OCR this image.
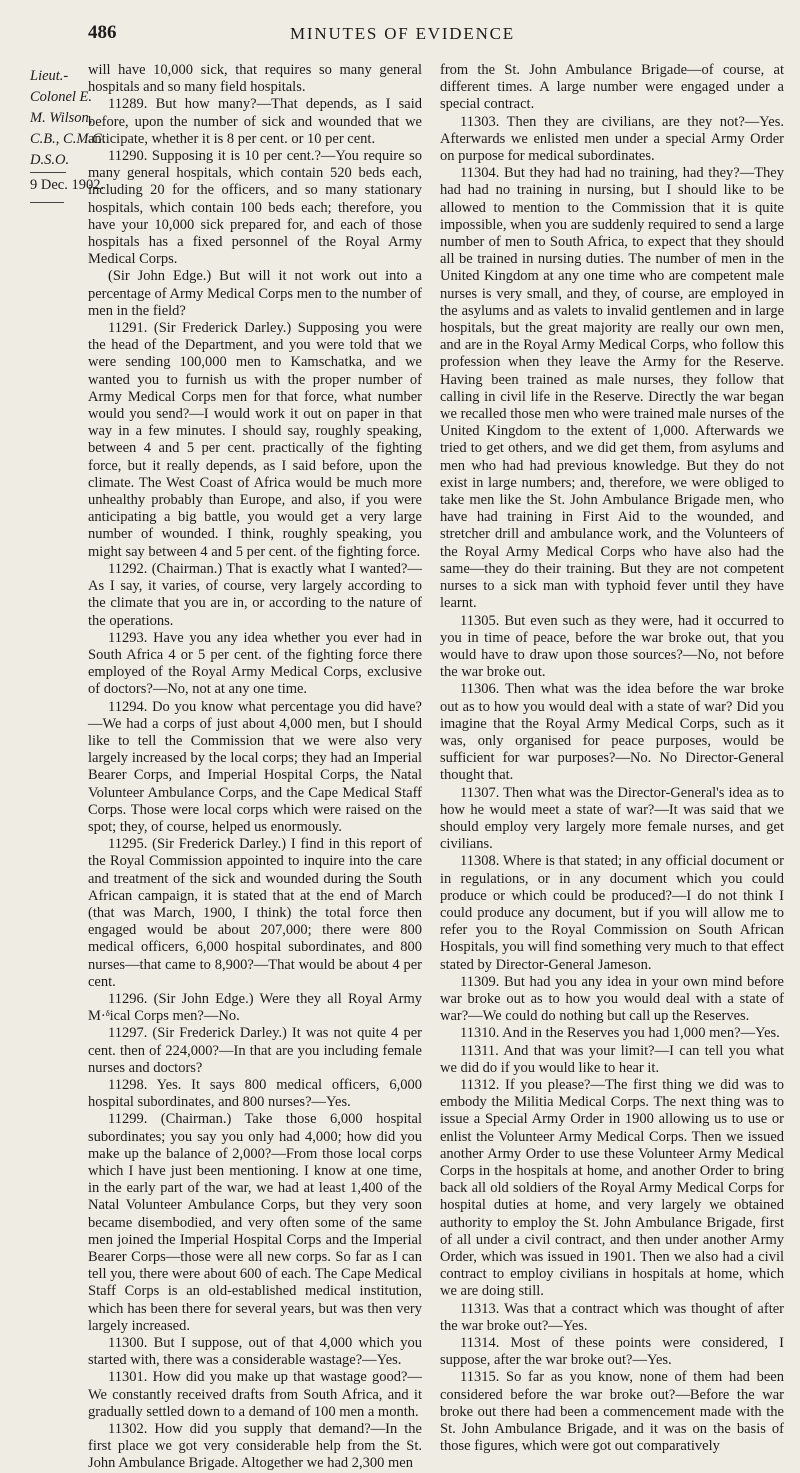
486	MINUTES OF EVIDENCE
Lieut.-
Colonel E.
M. Wilson,
C.B., C.M.G.
D.S.O.
9 Dec. 1902.

will have 10,000 sick, that requires so many general hospitals and so many field hospitals.

11289. But how many?—That depends, as I said before, upon the number of sick and wounded that we anticipate, whether it is 8 per cent. or 10 per cent.

11290. Supposing it is 10 per cent.?—You require so many general hospitals, which contain 520 beds each, including 20 for the officers, and so many stationary hospitals, which contain 100 beds each; therefore, you have your 10,000 sick prepared for, and each of those hospitals has a fixed personnel of the Royal Army Medical Corps.

(Sir John Edge.) But will it not work out into a percentage of Army Medical Corps men to the number of men in the field?

11291. (Sir Frederick Darley.) Supposing you were the head of the Department, and you were told that we were sending 100,000 men to Kamschatka, and we wanted you to furnish us with the proper number of Army Medical Corps men for that force, what number would you send?—I would work it out on paper in that way in a few minutes. I should say, roughly speaking, between 4 and 5 per cent. practically of the fighting force, but it really depends, as I said before, upon the climate. The West Coast of Africa would be much more unhealthy probably than Europe, and also, if you were anticipating a big battle, you would get a very large number of wounded. I think, roughly speaking, you might say between 4 and 5 per cent. of the fighting force.

11292. (Chairman.) That is exactly what I wanted?—As I say, it varies, of course, very largely according to the climate that you are in, or according to the nature of the operations.

11293. Have you any idea whether you ever had in South Africa 4 or 5 per cent. of the fighting force there employed of the Royal Army Medical Corps, exclusive of doctors?—No, not at any one time.

11294. Do you know what percentage you did have?—We had a corps of just about 4,000 men, but I should like to tell the Commission that we were also very largely increased by the local corps; they had an Imperial Bearer Corps, and Imperial Hospital Corps, the Natal Volunteer Ambulance Corps, and the Cape Medical Staff Corps. Those were local corps which were raised on the spot; they, of course, helped us enormously.

11295. (Sir Frederick Darley.) I find in this report of the Royal Commission appointed to inquire into the care and treatment of the sick and wounded during the South African campaign, it is stated that at the end of March (that was March, 1900, I think) the total force then engaged would be about 207,000; there were 800 medical officers, 6,000 hospital subordinates, and 800 nurses—that came to 8,900?—That would be about 4 per cent.

11296. (Sir John Edge.) Were they all Royal Army M·ᵟical Corps men?—No.

11297. (Sir Frederick Darley.) It was not quite 4 per cent. then of 224,000?—In that are you including female nurses and doctors?

11298. Yes. It says 800 medical officers, 6,000 hospital subordinates, and 800 nurses?—Yes.

11299. (Chairman.) Take those 6,000 hospital subordinates; you say you only had 4,000; how did you make up the balance of 2,000?—From those local corps which I have just been mentioning. I know at one time, in the early part of the war, we had at least 1,400 of the Natal Volunteer Ambulance Corps, but they very soon became disembodied, and very often some of the same men joined the Imperial Hospital Corps and the Imperial Bearer Corps—those were all new corps. So far as I can tell you, there were about 600 of each. The Cape Medical Staff Corps is an old-established medical institution, which has been there for several years, but was then very largely increased.

11300. But I suppose, out of that 4,000 which you started with, there was a considerable wastage?—Yes.

11301. How did you make up that wastage good?—We constantly received drafts from South Africa, and it gradually settled down to a demand of 100 men a month.

11302. How did you supply that demand?—In the first place we got very considerable help from the St. John Ambulance Brigade. Altogether we had 2,300 men

from the St. John Ambulance Brigade—of course, at different times. A large number were engaged under a special contract.

11303. Then they are civilians, are they not?—Yes. Afterwards we enlisted men under a special Army Order on purpose for medical subordinates.

11304. But they had had no training, had they?—They had had no training in nursing, but I should like to be allowed to mention to the Commission that it is quite impossible, when you are suddenly required to send a large number of men to South Africa, to expect that they should all be trained in nursing duties. The number of men in the United Kingdom at any one time who are competent male nurses is very small, and they, of course, are employed in the asylums and as valets to invalid gentlemen and in large hospitals, but the great majority are really our own men, and are in the Royal Army Medical Corps, who follow this profession when they leave the Army for the Reserve. Having been trained as male nurses, they follow that calling in civil life in the Reserve. Directly the war began we recalled those men who were trained male nurses of the United Kingdom to the extent of 1,000. Afterwards we tried to get others, and we did get them, from asylums and men who had had previous knowledge. But they do not exist in large numbers; and, therefore, we were obliged to take men like the St. John Ambulance Brigade men, who have had training in First Aid to the wounded, and stretcher drill and ambulance work, and the Volunteers of the Royal Army Medical Corps who have also had the same—they do their training. But they are not competent nurses to a sick man with typhoid fever until they have learnt.

11305. But even such as they were, had it occurred to you in time of peace, before the war broke out, that you would have to draw upon those sources?—No, not before the war broke out.

11306. Then what was the idea before the war broke out as to how you would deal with a state of war? Did you imagine that the Royal Army Medical Corps, such as it was, only organised for peace purposes, would be sufficient for war purposes?—No. No Director-General thought that.

11307. Then what was the Director-General's idea as to how he would meet a state of war?—It was said that we should employ very largely more female nurses, and get civilians.

11308. Where is that stated; in any official document or in regulations, or in any document which you could produce or which could be produced?—I do not think I could produce any document, but if you will allow me to refer you to the Royal Commission on South African Hospitals, you will find something very much to that effect stated by Director-General Jameson.

11309. But had you any idea in your own mind before war broke out as to how you would deal with a state of war?—We could do nothing but call up the Reserves.

11310. And in the Reserves you had 1,000 men?—Yes.

11311. And that was your limit?—I can tell you what we did do if you would like to hear it.

11312. If you please?—The first thing we did was to embody the Militia Medical Corps. The next thing was to issue a Special Army Order in 1900 allowing us to use or enlist the Volunteer Army Medical Corps. Then we issued another Army Order to use these Volunteer Army Medical Corps in the hospitals at home, and another Order to bring back all old soldiers of the Royal Army Medical Corps for hospital duties at home, and very largely we obtained authority to employ the St. John Ambulance Brigade, first of all under a civil contract, and then under another Army Order, which was issued in 1901. Then we also had a civil contract to employ civilians in hospitals at home, which we are doing still.

11313. Was that a contract which was thought of after the war broke out?—Yes.

11314. Most of these points were considered, I suppose, after the war broke out?—Yes.

11315. So far as you know, none of them had been considered before the war broke out?—Before the war broke out there had been a commencement made with the St. John Ambulance Brigade, and it was on the basis of those figures, which were got out comparatively
